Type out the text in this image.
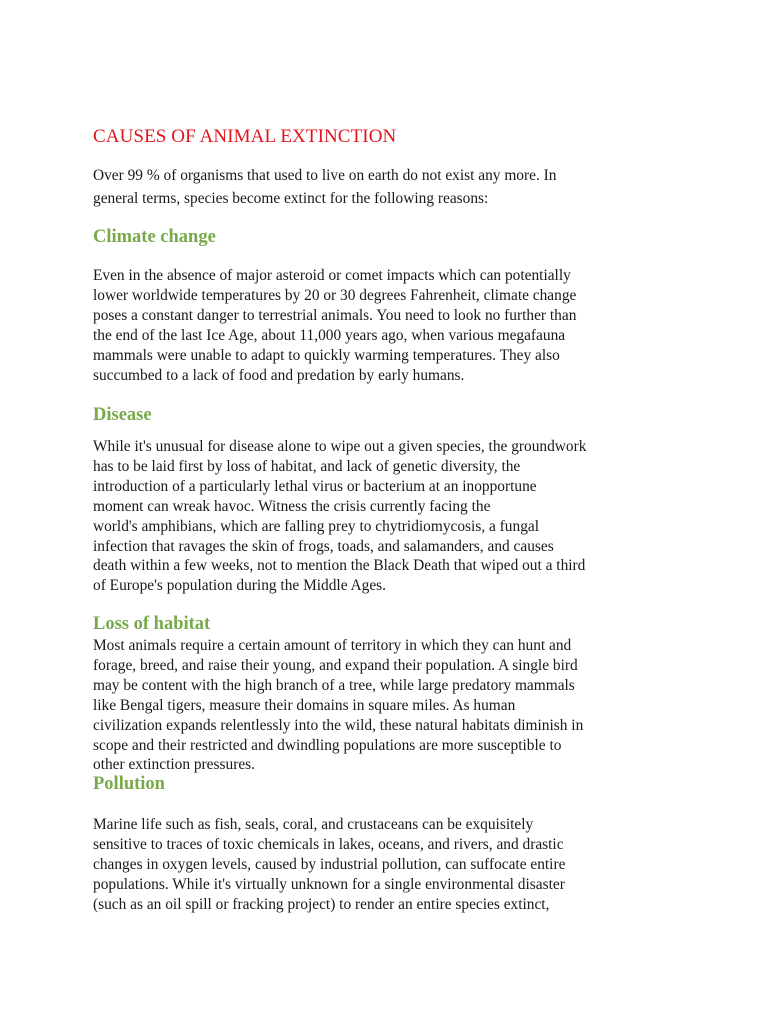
CAUSES OF ANIMAL EXTINCTION

Over 99 % of organisms that used to live on earth do not exist any more. In
general terms, species become extinct for the following reasons:

Climate change

Even in the absence of major asteroid or comet impacts which can potentially
lower worldwide temperatures by 20 or 30 degrees Fahrenheit, climate change
poses a constant danger to terrestrial animals. You need to look no further than
the end of the last Ice Age, about 11,000 years ago, when various megafauna
mammals were unable to adapt to quickly warming temperatures. They also
succumbed to a lack of food and predation by early humans.

Disease

While it's unusual for disease alone to wipe out a given species, the groundwork
has to be laid first by loss of habitat, and lack of genetic diversity, the
introduction of a particularly lethal virus or bacterium at an inopportune
moment can wreak havoc. Witness the crisis currently facing the
world's amphibians, which are falling prey to chytridiomycosis, a fungal
infection that ravages the skin of frogs, toads, and salamanders, and causes
death within a few weeks, not to mention the Black Death that wiped out a third
of Europe's population during the Middle Ages.

Loss of habitat

Most animals require a certain amount of territory in which they can hunt and
forage, breed, and raise their young, and expand their population. A single bird
may be content with the high branch of a tree, while large predatory mammals
like Bengal tigers, measure their domains in square miles. As human
civilization expands relentlessly into the wild, these natural habitats diminish in
scope and their restricted and dwindling populations are more susceptible to
other extinction pressures.

Pollution

Marine life such as fish, seals, coral, and crustaceans can be exquisitely
sensitive to traces of toxic chemicals in lakes, oceans, and rivers, and drastic
changes in oxygen levels, caused by industrial pollution, can suffocate entire
populations. While it's virtually unknown for a single environmental disaster
(such as an oil spill or fracking project) to render an entire species extinct,
